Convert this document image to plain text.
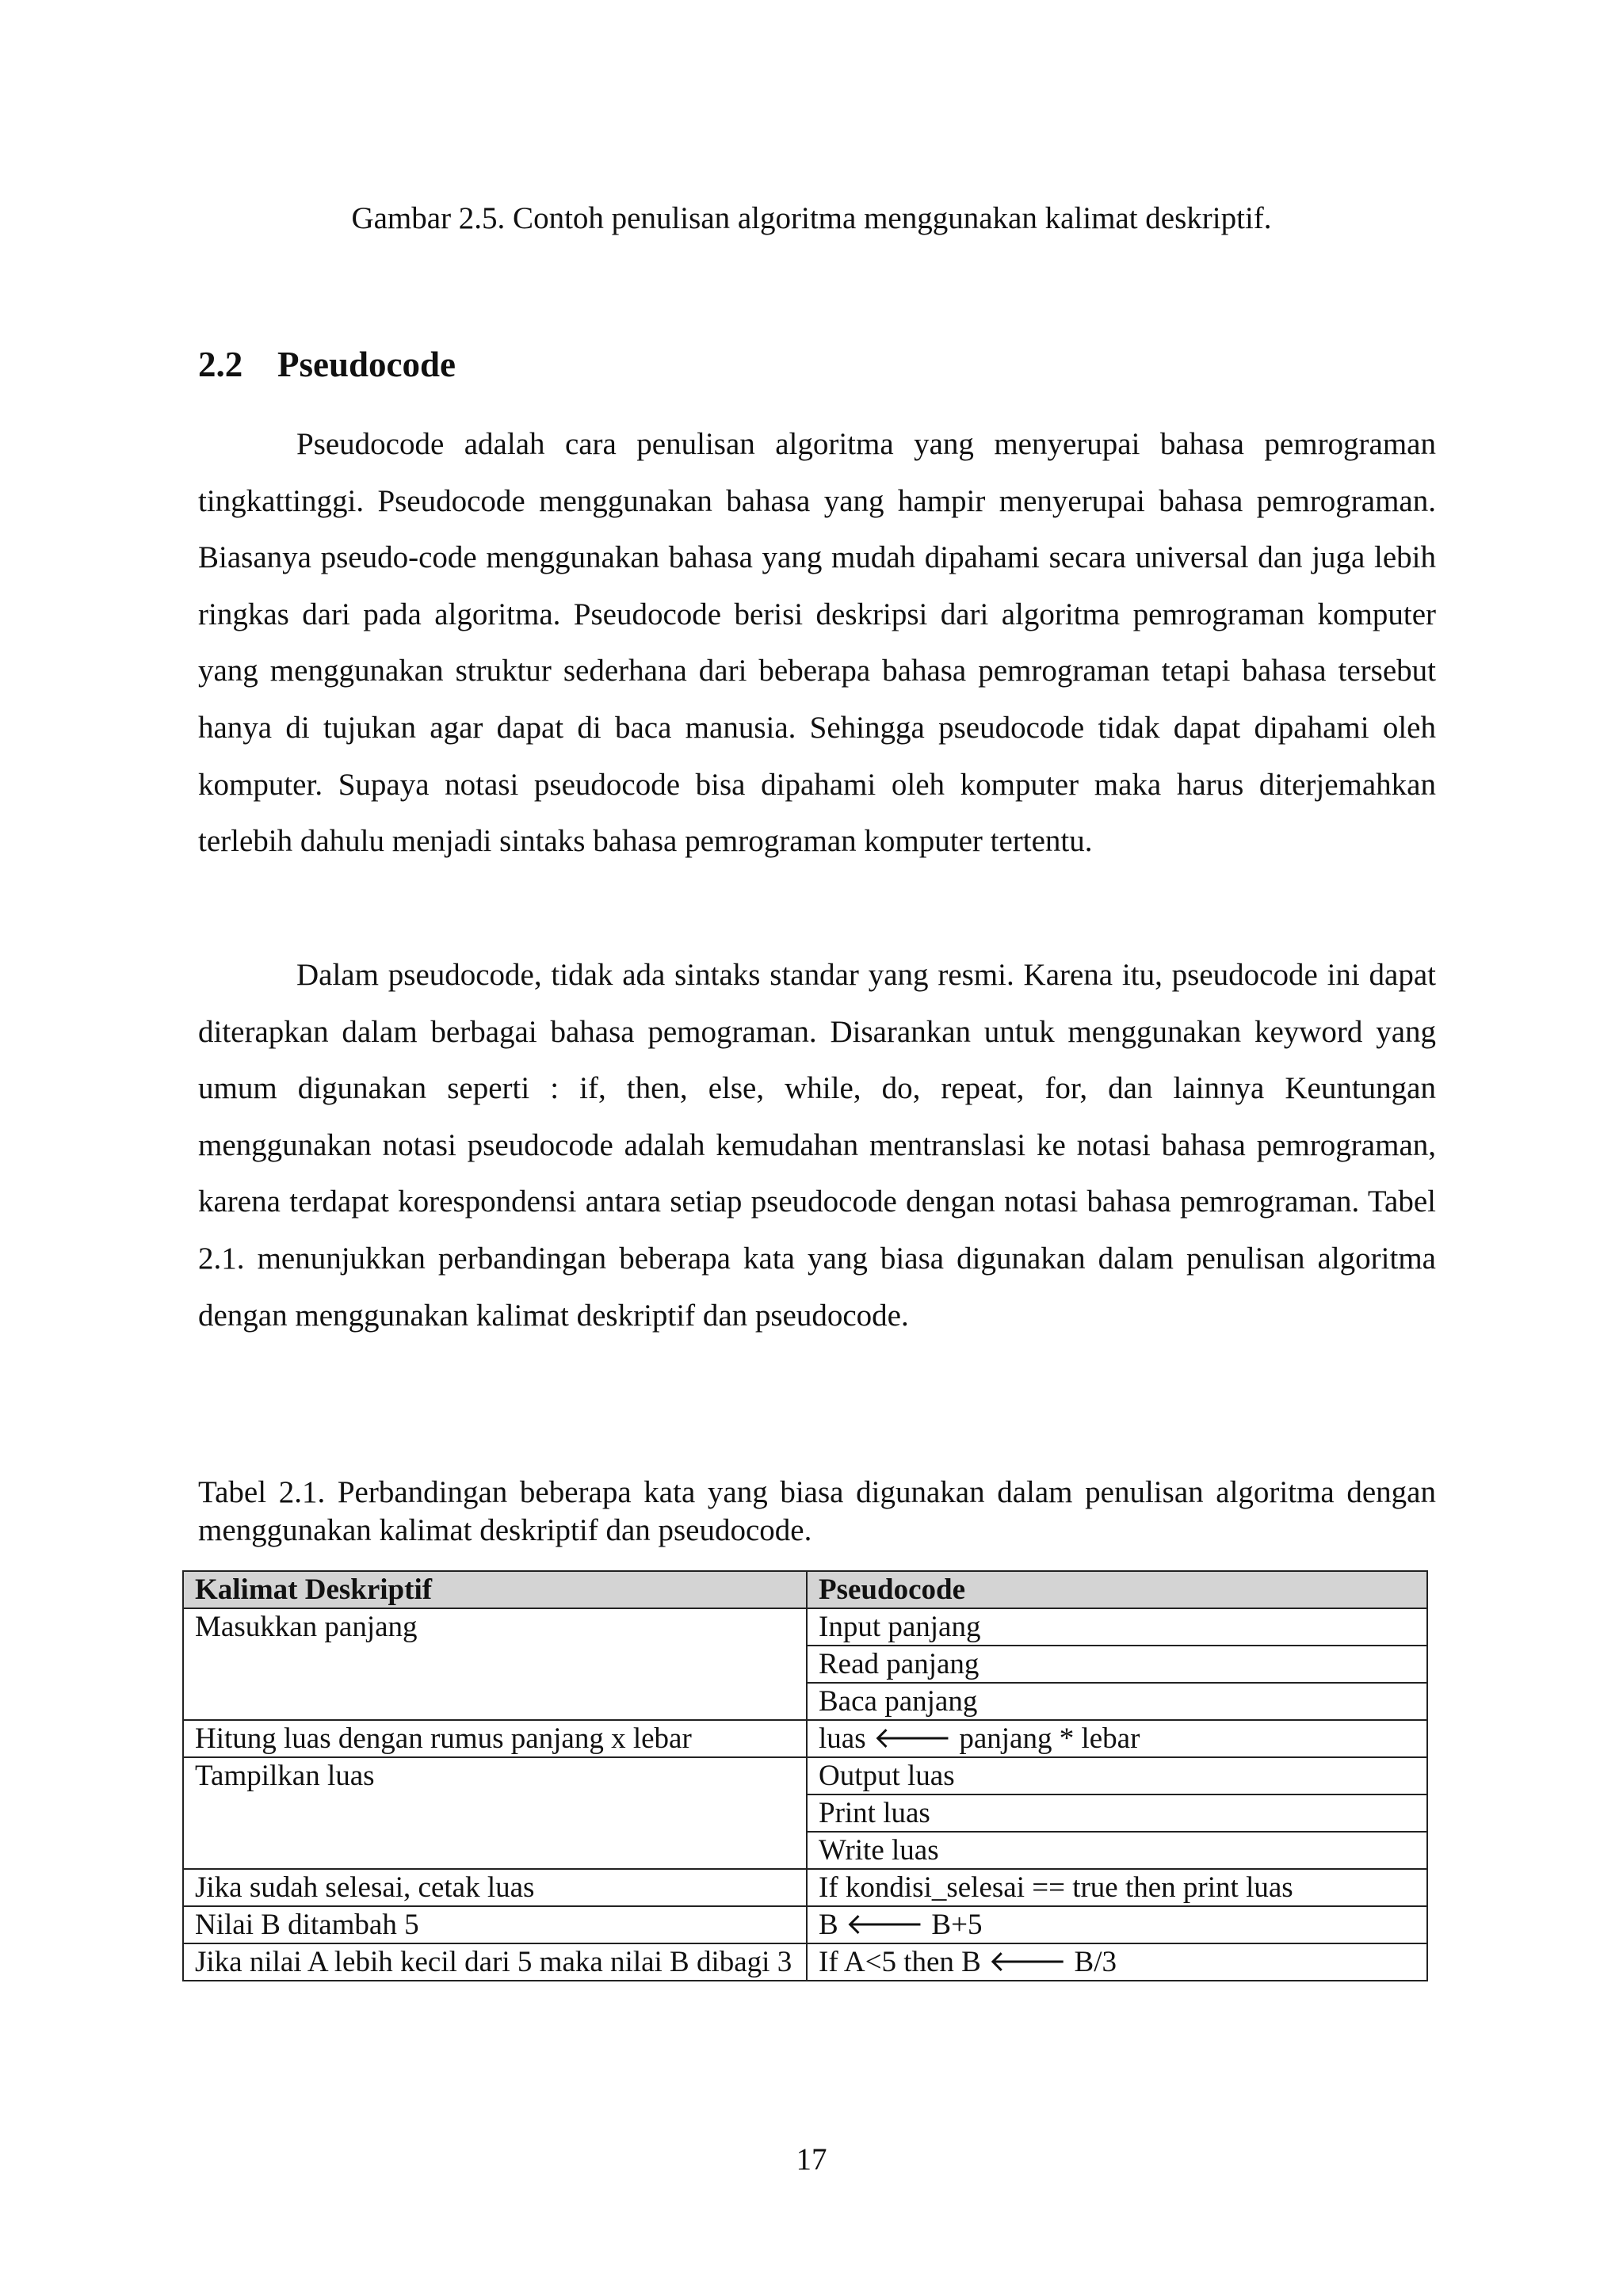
Gambar 2.5. Contoh penulisan algoritma menggunakan kalimat deskriptif.
2.2 Pseudocode

Pseudocode adalah cara penulisan algoritma yang menyerupai bahasa pemrograman tingkattinggi. Pseudocode menggunakan bahasa yang hampir menyerupai bahasa pemrograman. Biasanya pseudo-code menggunakan bahasa yang mudah dipahami secara universal dan juga lebih ringkas dari pada algoritma. Pseudocode berisi deskripsi dari algoritma pemrograman komputer yang menggunakan struktur sederhana dari beberapa bahasa pemrograman tetapi bahasa tersebut hanya di tujukan agar dapat di baca manusia. Sehingga pseudocode tidak dapat dipahami oleh komputer. Supaya notasi pseudocode bisa dipahami oleh komputer maka harus diterjemahkan terlebih dahulu menjadi sintaks bahasa pemrograman komputer tertentu.

Dalam pseudocode, tidak ada sintaks standar yang resmi. Karena itu, pseudocode ini dapat diterapkan dalam berbagai bahasa pemograman. Disarankan untuk menggunakan keyword yang umum digunakan seperti : if, then, else, while, do, repeat, for, dan lainnya Keuntungan menggunakan notasi pseudocode adalah kemudahan mentranslasi ke notasi bahasa pemrograman, karena terdapat korespondensi antara setiap pseudocode dengan notasi bahasa pemrograman. Tabel 2.1. menunjukkan perbandingan beberapa kata yang biasa digunakan dalam penulisan algoritma dengan menggunakan kalimat deskriptif dan pseudocode.

Tabel 2.1. Perbandingan beberapa kata yang biasa digunakan dalam penulisan algoritma dengan menggunakan kalimat deskriptif dan pseudocode.

Kalimat Deskriptif	Pseudocode
Masukkan panjang	Input panjang
	Read panjang
	Baca panjang
Hitung luas dengan rumus panjang x lebar	luas 🡐 panjang * lebar
Tampilkan luas	Output luas
	Print luas
	Write luas
Jika sudah selesai, cetak luas	If kondisi_selesai == true then print luas
Nilai B ditambah 5	B 🡐 B+5
Jika nilai A lebih kecil dari 5 maka nilai B dibagi 3	If A<5 then B 🡐 B/3
17
